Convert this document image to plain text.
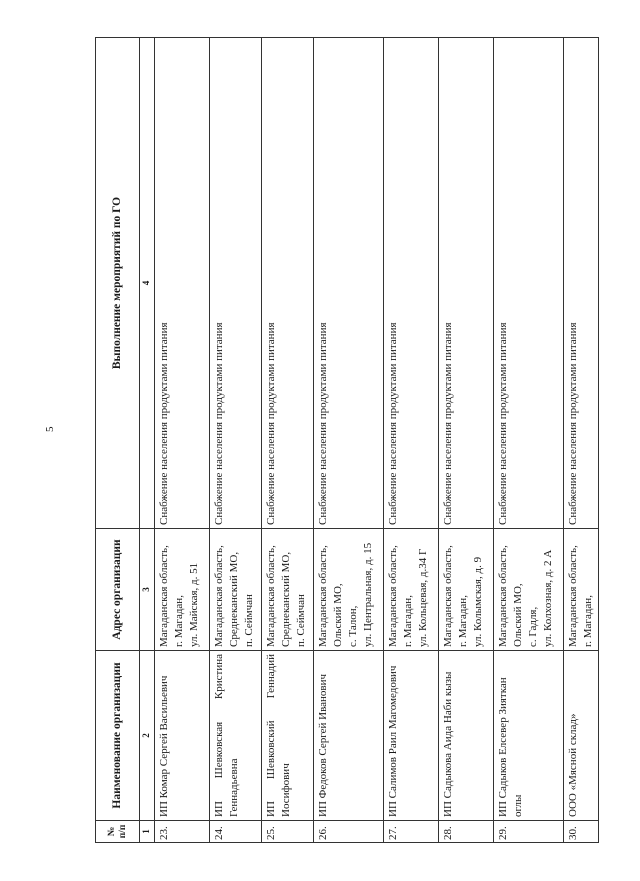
5
№ п/п	Наименование организации	Адрес организации	Выполнение мероприятий по ГО
1	2	3	4
23.	ИП Комар Сергей Васильевич	Магаданская область, г. Магадан, ул. Майская, д. 51	Снабжение населения продуктами питания
24.	ИП Шевковская Кристина Геннадьевна	Магаданская область, Среднеканский МО, п. Сеймчан	Снабжение населения продуктами питания
25.	ИП Шевковский Геннадий Иосифович	Магаданская область, Среднеканский МО, п. Сеймчан	Снабжение населения продуктами питания
26.	ИП Федоков Сергей Иванович	Магаданская область, Ольский МО, с. Талон, ул. Центральная, д. 15	Снабжение населения продуктами питания
27.	ИП Салимов Раил Магомедович	Магаданская область, г. Магадан, ул. Кольцевая, д.34 Г	Снабжение населения продуктами питания
28.	ИП Садыкова Аида Наби кызы	Магаданская область, г. Магадан, ул. Колымская, д. 9	Снабжение населения продуктами питания
29.	ИП Садыков Елсевер Зияткан оглы	Магаданская область, Ольский МО, с. Гадля, ул. Колхозная, д. 2 А	Снабжение населения продуктами питания
30.	ООО «Мясной склад»	Магаданская область, г. Магадан,	Снабжение населения продуктами питания
